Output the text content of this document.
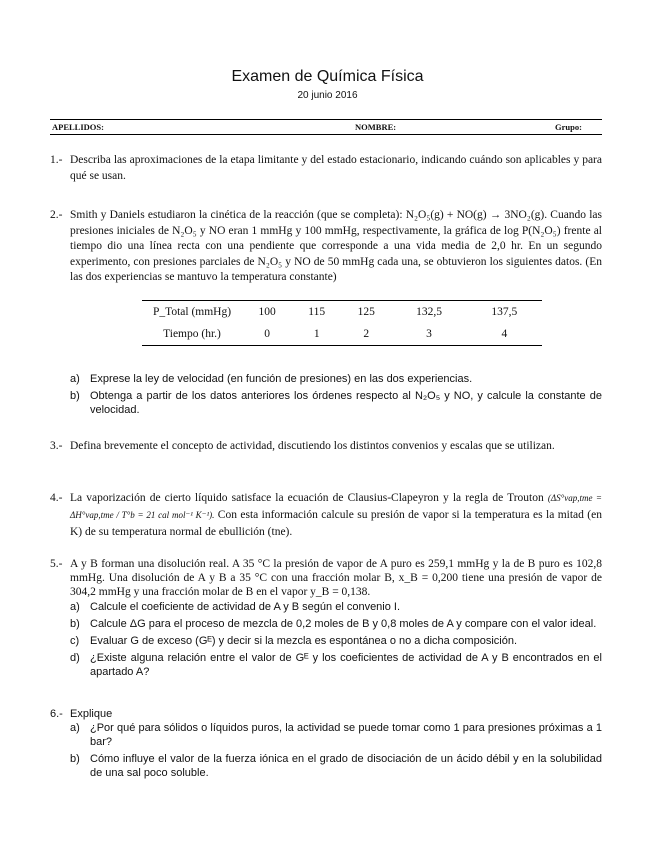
Examen de Química Física
20 junio 2016
APELLIDOS:	NOMBRE:	Grupo:
1.- Describa las aproximaciones de la etapa limitante y del estado estacionario, indicando cuándo son aplicables y para qué se usan.
2.- Smith y Daniels estudiaron la cinética de la reacción (que se completa): N₂O₅(g) + NO(g) → 3NO₂(g). Cuando las presiones iniciales de N₂O₅ y NO eran 1 mmHg y 100 mmHg, respectivamente, la gráfica de log P(N₂O₅) frente al tiempo dio una línea recta con una pendiente que corresponde a una vida media de 2,0 hr. En un segundo experimento, con presiones parciales de N₂O₅ y NO de 50 mmHg cada una, se obtuvieron los siguientes datos. (En las dos experiencias se mantuvo la temperatura constante)
P_Total (mmHg)	100	115	125	132,5	137,5
Tiempo (hr.)	0	1	2	3	4
a) Exprese la ley de velocidad (en función de presiones) en las dos experiencias.
b) Obtenga a partir de los datos anteriores los órdenes respecto al N₂O₅ y NO, y calcule la constante de velocidad.
3.- Defina brevemente el concepto de actividad, discutiendo los distintos convenios y escalas que se utilizan.
4.- La vaporización de cierto líquido satisface la ecuación de Clausius-Clapeyron y la regla de Trouton (ΔS°vap,tme = ΔH°vap,tme / T°b = 21 cal mol⁻¹ K⁻¹). Con esta información calcule su presión de vapor si la temperatura es la mitad (en K) de su temperatura normal de ebullición (tne).
5.- A y B forman una disolución real. A 35 °C la presión de vapor de A puro es 259,1 mmHg y la de B puro es 102,8 mmHg. Una disolución de A y B a 35 °C con una fracción molar B, x_B = 0,200 tiene una presión de vapor de 304,2 mmHg y una fracción molar de B en el vapor y_B = 0,138.
a) Calcule el coeficiente de actividad de A y B según el convenio I.
b) Calcule ΔG para el proceso de mezcla de 0,2 moles de B y 0,8 moles de A y compare con el valor ideal.
c) Evaluar G de exceso (Gᴱ) y decir si la mezcla es espontánea o no a dicha composición.
d) ¿Existe alguna relación entre el valor de Gᴱ y los coeficientes de actividad de A y B encontrados en el apartado A?
6.- Explique
a) ¿Por qué para sólidos o líquidos puros, la actividad se puede tomar como 1 para presiones próximas a 1 bar?
b) Cómo influye el valor de la fuerza iónica en el grado de disociación de un ácido débil y en la solubilidad de una sal poco soluble.
